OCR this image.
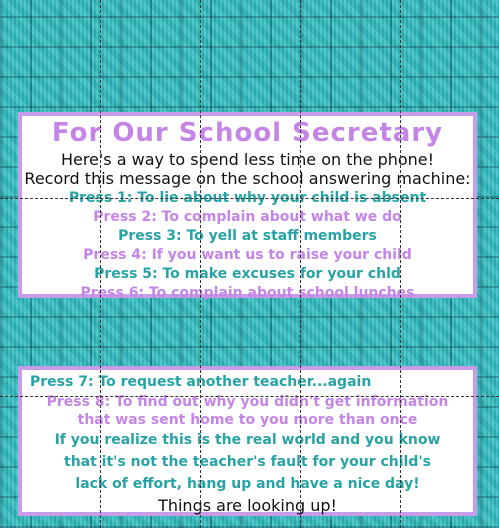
For Our School Secretary
Here's a way to spend less time on the phone!
Record this message on the school answering machine:
Press 1: To lie about why your child is absent
Press 2: To complain about what we do
Press 3: To yell at staff members
Press 4: If you want us to raise your child
Press 5: To make excuses for your chld
Press 6: To complain about school lunches
Press 7: To request another teacher...again
Press 8: To find out why you didn't get information
that was sent home to you more than once
If you realize this is the real world and you know
that it's not the teacher's fault for your child's
lack of effort, hang up and have a nice day!
Things are looking up!
